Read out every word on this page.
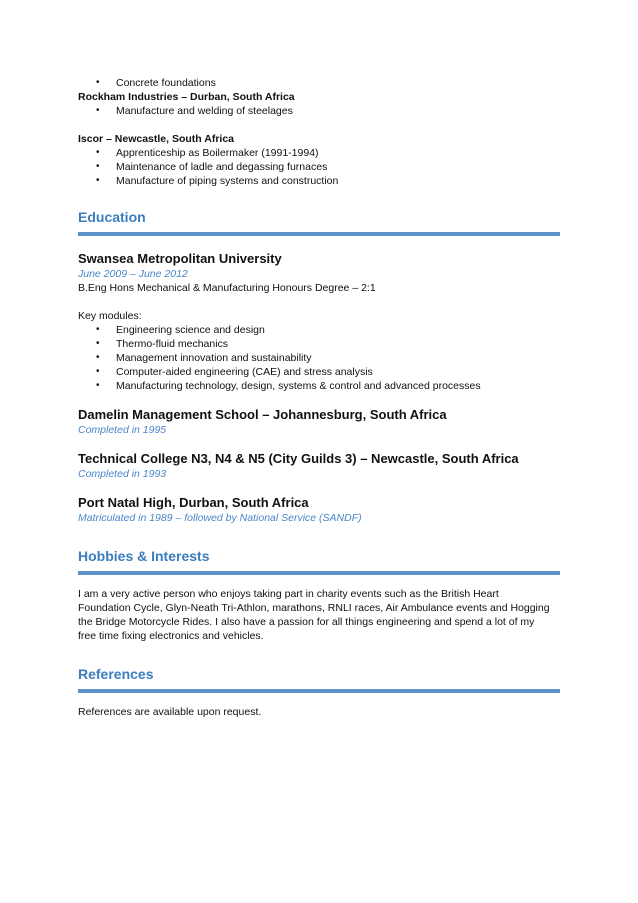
• Concrete foundations
Rockham Industries – Durban, South Africa
• Manufacture and welding of steelages
Iscor – Newcastle, South Africa
• Apprenticeship as Boilermaker (1991-1994)
• Maintenance of ladle and degassing furnaces
• Manufacture of piping systems and construction
Education
Swansea Metropolitan University
June 2009 – June 2012
B.Eng Hons Mechanical & Manufacturing Honours Degree – 2:1
Key modules:
• Engineering science and design
• Thermo-fluid mechanics
• Management innovation and sustainability
• Computer-aided engineering (CAE) and stress analysis
• Manufacturing technology, design, systems & control and advanced processes
Damelin Management School – Johannesburg, South Africa
Completed in 1995
Technical College N3, N4 & N5 (City Guilds 3) – Newcastle, South Africa
Completed in 1993
Port Natal High, Durban, South Africa
Matriculated in 1989 – followed by National Service (SANDF)
Hobbies & Interests
I am a very active person who enjoys taking part in charity events such as the British Heart
Foundation Cycle, Glyn-Neath Tri-Athlon, marathons, RNLI races, Air Ambulance events and Hogging
the Bridge Motorcycle Rides. I also have a passion for all things engineering and spend a lot of my
free time fixing electronics and vehicles.
References
References are available upon request.
